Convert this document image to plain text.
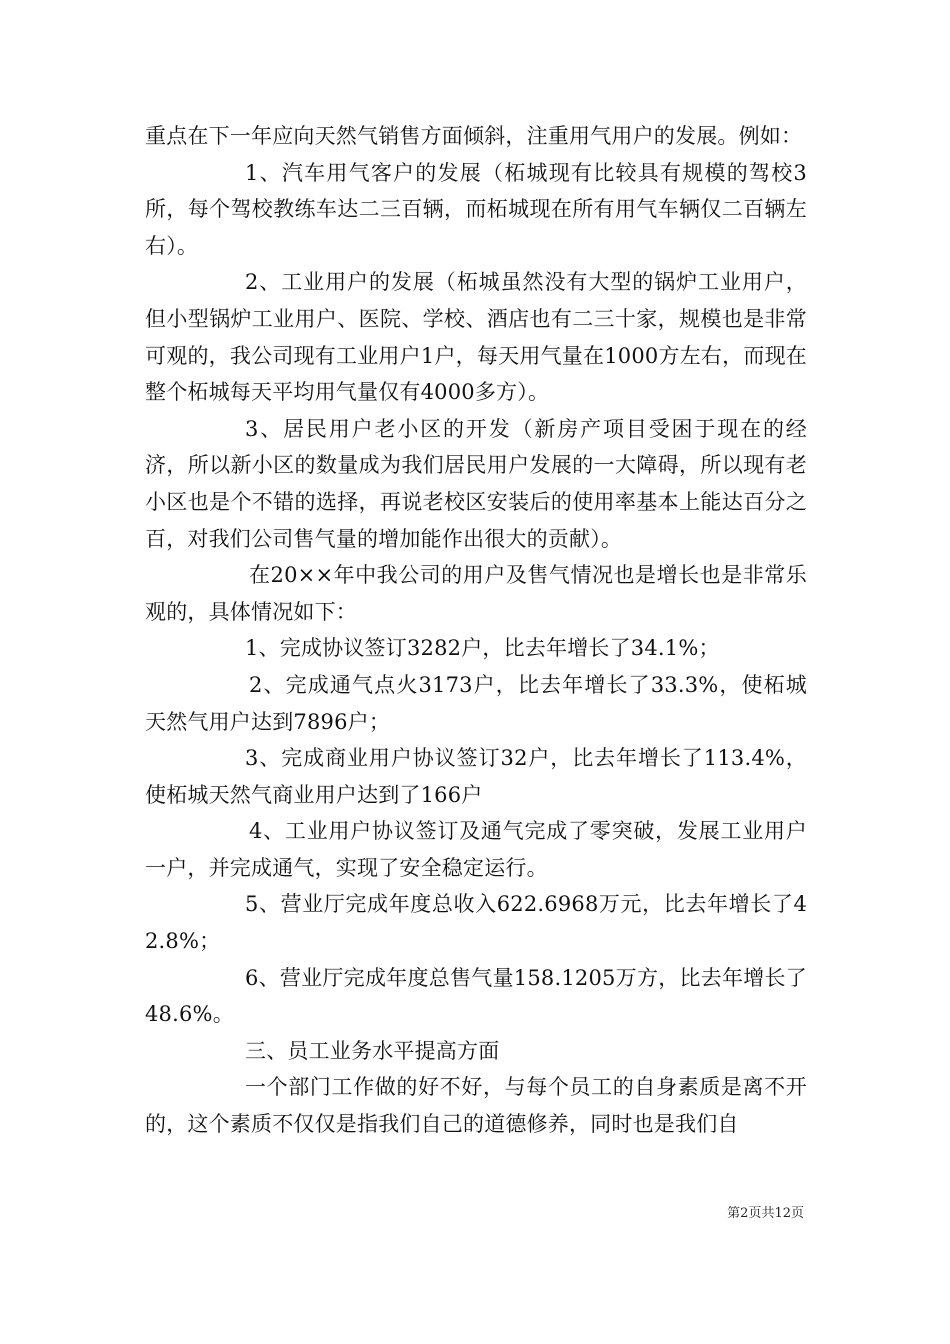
重点在下一年应向天然气销售方面倾斜，注重用气用户的发展。例如：

1、汽车用气客户的发展（柘城现有比较具有规模的驾校3所，每个驾校教练车达二三百辆，而柘城现在所有用气车辆仅二百辆左右）。

2、工业用户的发展（柘城虽然没有大型的锅炉工业用户，但小型锅炉工业用户、医院、学校、酒店也有二三十家，规模也是非常可观的，我公司现有工业用户1户，每天用气量在1000方左右，而现在整个柘城每天平均用气量仅有4000多方）。

3、居民用户老小区的开发（新房产项目受困于现在的经济，所以新小区的数量成为我们居民用户发展的一大障碍，所以现有老小区也是个不错的选择，再说老校区安装后的使用率基本上能达百分之百，对我们公司售气量的增加能作出很大的贡献）。

在20××年中我公司的用户及售气情况也是增长也是非常乐观的，具体情况如下：

1、完成协议签订3282户，比去年增长了34.1%；

2、完成通气点火3173户，比去年增长了33.3%，使柘城天然气用户达到7896户；

3、完成商业用户协议签订32户，比去年增长了113.4%，使柘城天然气商业用户达到了166户

4、工业用户协议签订及通气完成了零突破，发展工业用户一户，并完成通气，实现了安全稳定运行。

5、营业厅完成年度总收入622.6968万元，比去年增长了42.8%；

6、营业厅完成年度总售气量158.1205万方，比去年增长了48.6%。

三、员工业务水平提高方面

一个部门工作做的好不好，与每个员工的自身素质是离不开的，这个素质不仅仅是指我们自己的道德修养，同时也是我们自

第2页共12页
